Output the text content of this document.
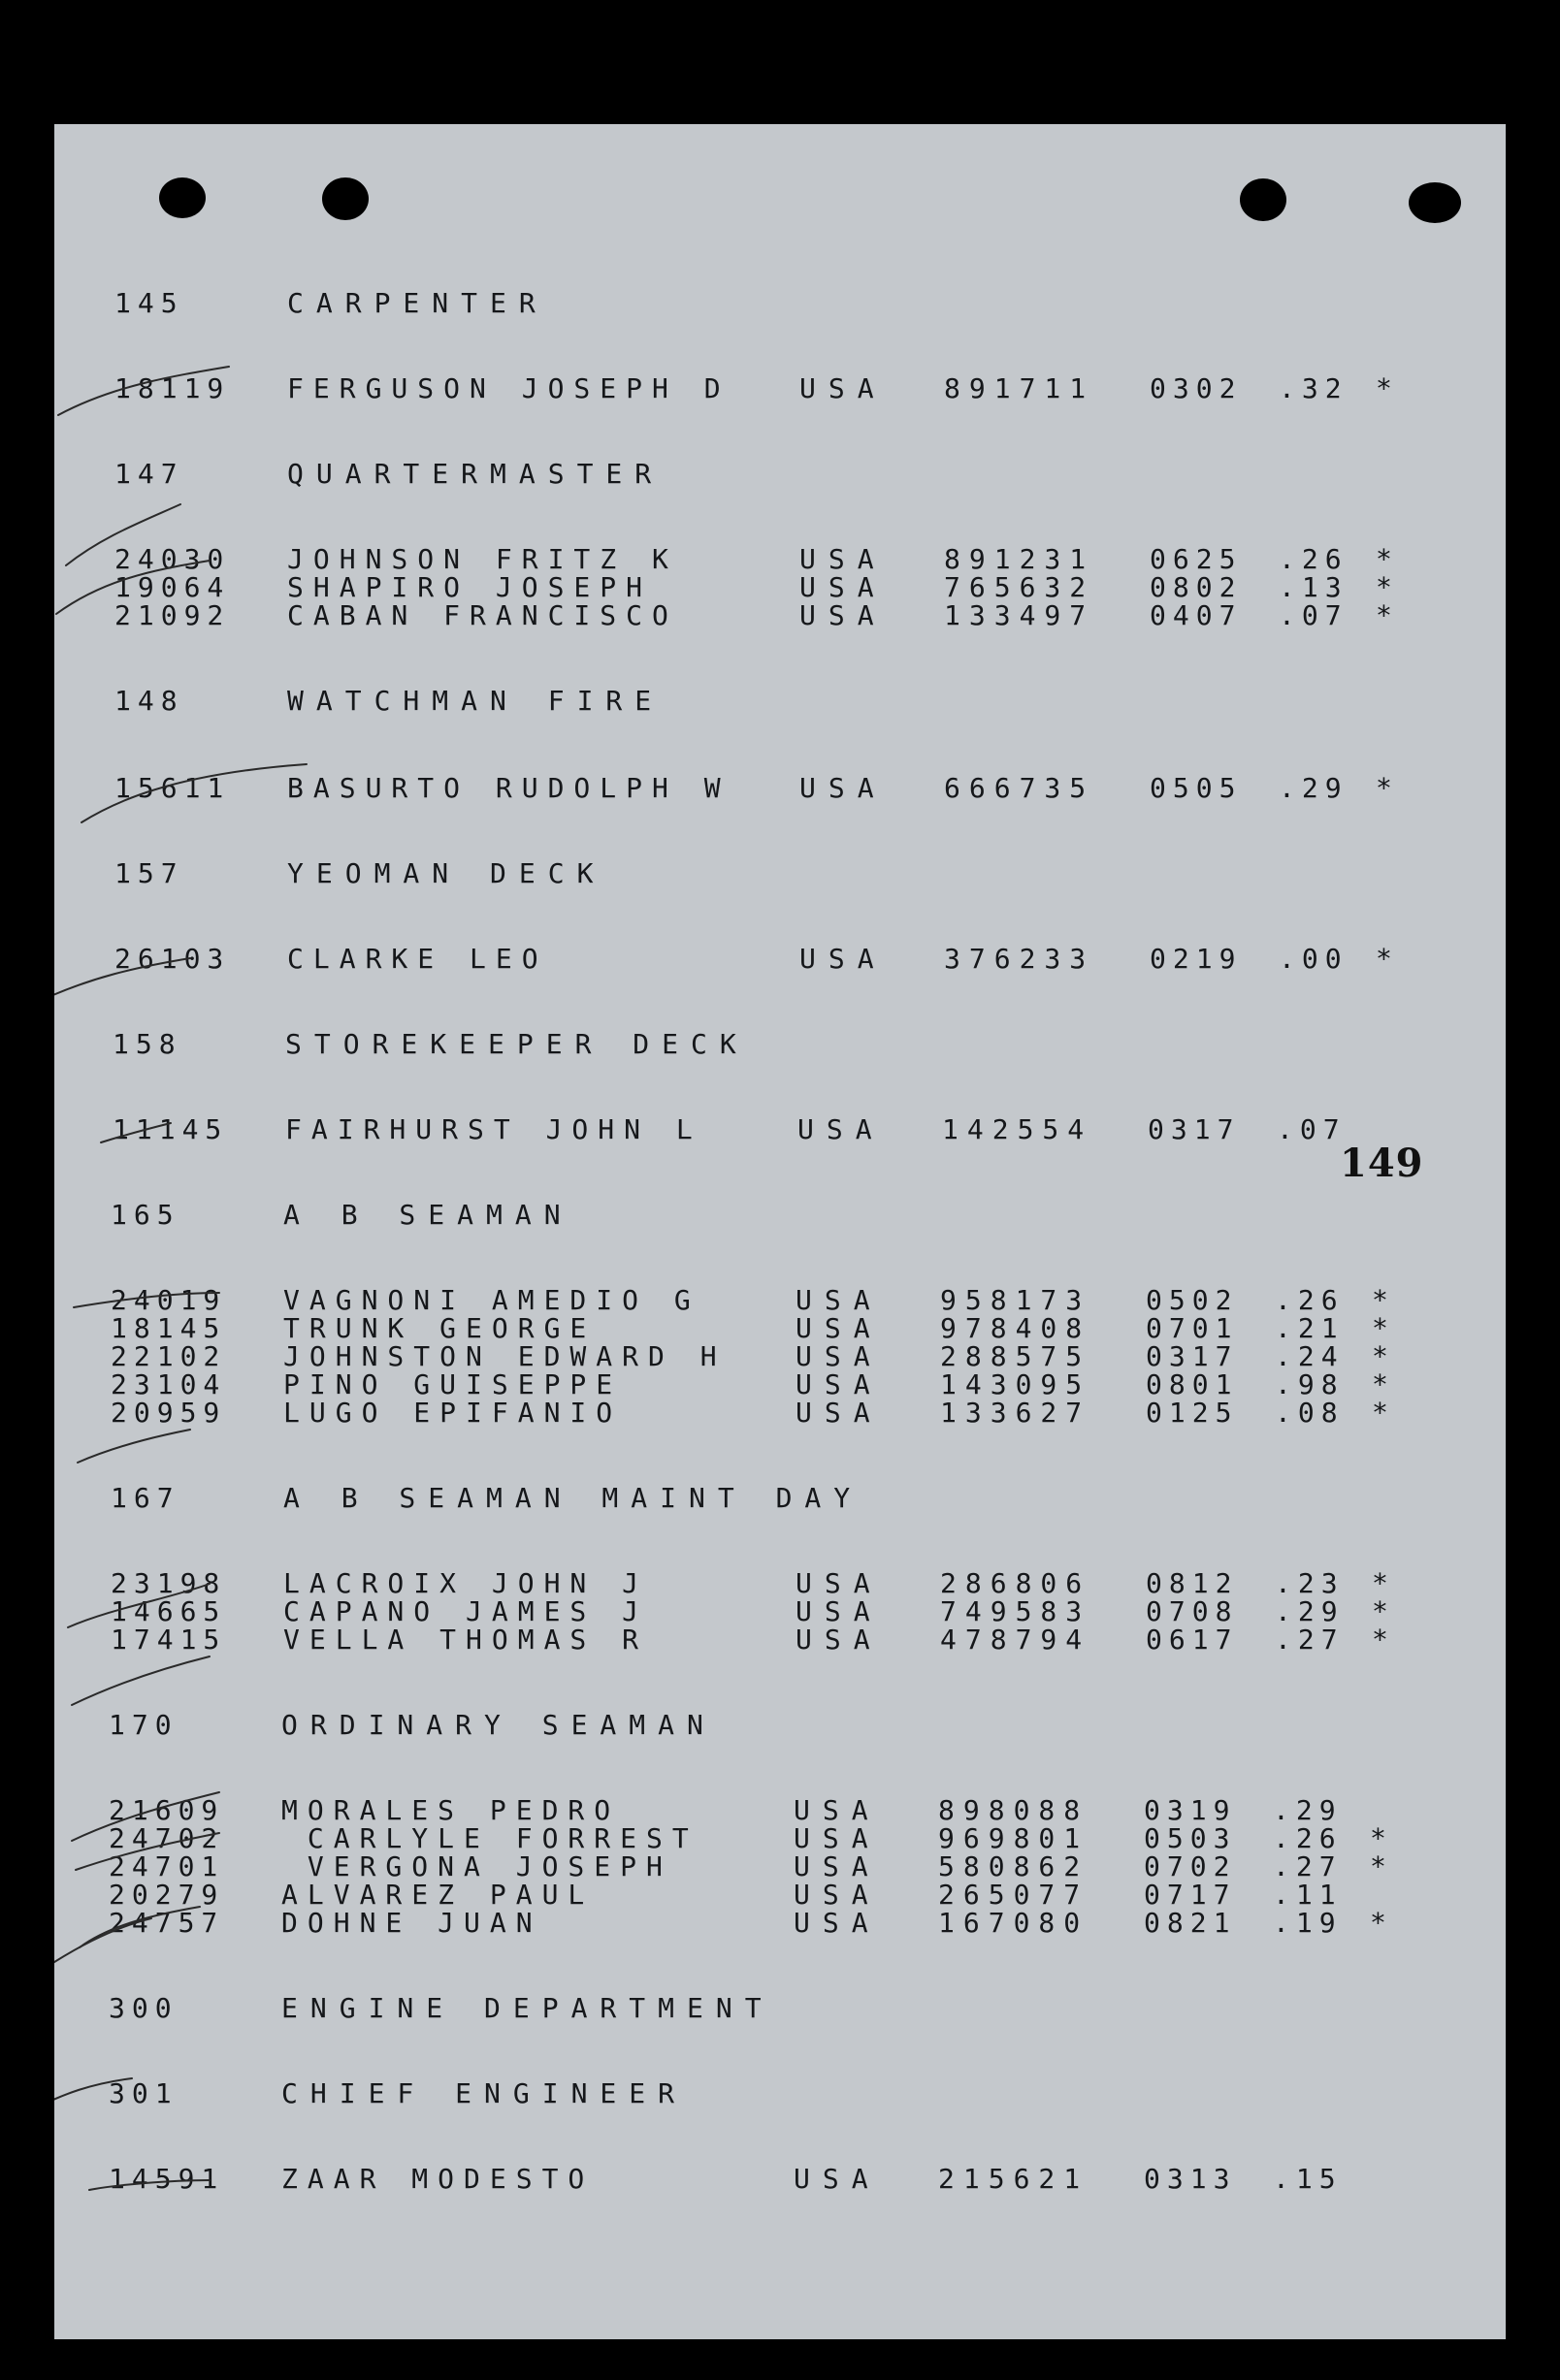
145	CARPENTER
18119 FERGUSON JOSEPH D	USA 891711 0302 .32 *
147	QUARTERMASTER
24030 JOHNSON FRITZ K	USA 891231 0625 .26 *
19064 SHAPIRO JOSEPH	USA 765632 0802 .13 *
21092 CABAN FRANCISCO	USA 133497 0407 .07 *
148	WATCHMAN FIRE
15611 BASURTO RUDOLPH W	USA 666735 0505 .29 *
157	YEOMAN DECK
26103 CLARKE LEO	USA 376233 0219 .00 *
158	STOREKEEPER DECK
11145 FAIRHURST JOHN L	USA 142554 0317 .07
165	A B SEAMAN
24019 VAGNONI AMEDIO G	USA 958173 0502 .26 *
18145 TRUNK GEORGE	USA 978408 0701 .21 *
22102 JOHNSTON EDWARD H	USA 288575 0317 .24 *
23104 PINO GUISEPPE	USA 143095 0801 .98 *
20959 LUGO EPIFANIO	USA 133627 0125 .08 *
167	A B SEAMAN MAINT DAY
23198 LACROIX JOHN J	USA 286806 0812 .23 *
14665 CAPANO JAMES J	USA 749583 0708 .29 *
17415 VELLA THOMAS R	USA 478794 0617 .27 *
170	ORDINARY SEAMAN
21609 MORALES PEDRO	USA 898088 0319 .29
24702 CARLYLE FORREST	USA 969801 0503 .26 *
24701 VERGONA JOSEPH	USA 580862 0702 .27 *
20279 ALVAREZ PAUL	USA 265077 0717 .11
24757 DOHNE JUAN	USA 167080 0821 .19 *
300	ENGINE DEPARTMENT
301	CHIEF ENGINEER
14591 ZAAR MODESTO	USA 215621 0313 .15
149
